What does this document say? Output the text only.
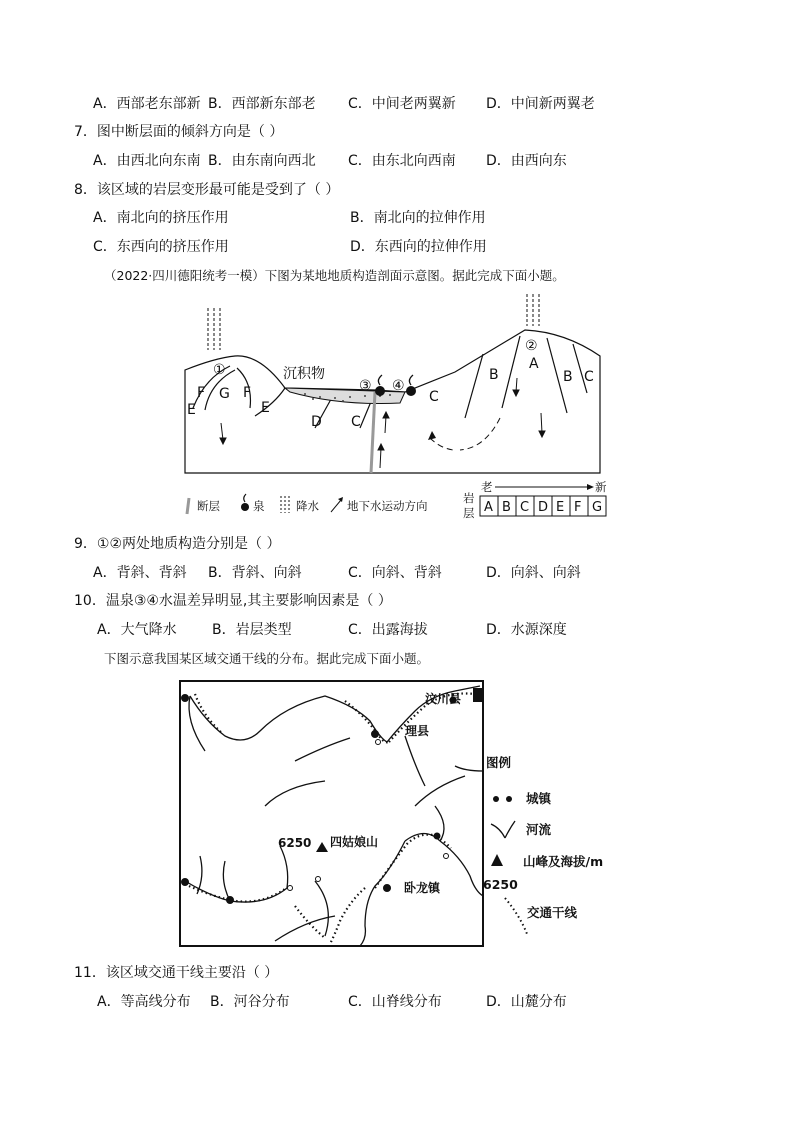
A．西部老东部新 B．西部新东部老 C．中间老两翼新 D．中间新两翼老
7．图中断层面的倾斜方向是（ ）
A．由西北向东南 B．由东南向西北 C．由东北向西南 D．由西向东
8．该区域的岩层变形最可能是受到了（ ）
A．南北向的挤压作用	B．南北向的拉伸作用
C．东西向的挤压作用	D．东西向的拉伸作用
（2022·四川德阳统考一模）下图为某地地质构造剖面示意图。据此完成下面小题。
①
②
③ ④
沉积物
F G F
E	E
D C
C
B
A
B C
断层	泉	降水 地下水运动方向
岩
层
老	新
A B C D E F G
9．①②两处地质构造分别是（ ）
A．背斜、背斜 B．背斜、向斜	C．向斜、背斜	D．向斜、向斜
10．温泉③④水温差异明显,其主要影响因素是（ ）
A．大气降水	B．岩层类型	C．出露海拔	D．水源深度
下图示意我国某区域交通干线的分布。据此完成下面小题。
汶川县
理县
6250 四姑娘山
卧龙镇
图例
城镇
河流
山峰及海拔/m
6250
交通干线
11．该区域交通干线主要沿（ ）
A．等高线分布 B．河谷分布	C．山脊线分布	D．山麓分布
